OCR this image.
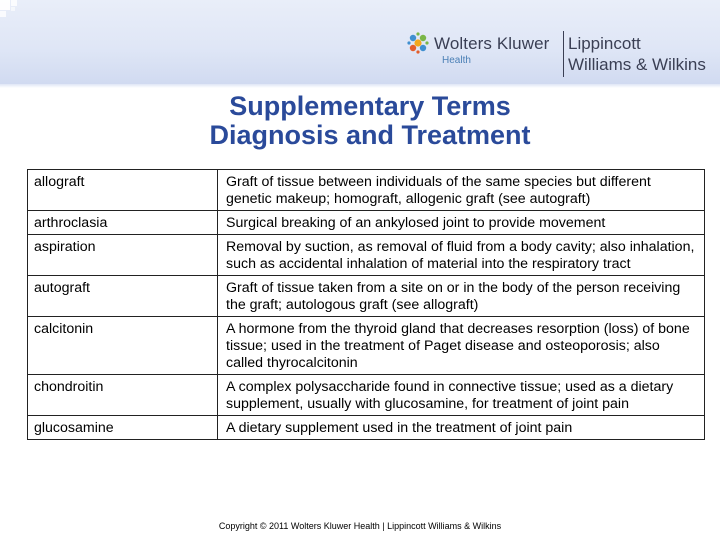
Wolters Kluwer
Health
Lippincott
Williams & Wilkins
Supplementary Terms
Diagnosis and Treatment
allograft	Graft of tissue between individuals of the same species but different genetic makeup; homograft, allogenic graft (see autograft)
arthroclasia	Surgical breaking of an ankylosed joint to provide movement
aspiration	Removal by suction, as removal of fluid from a body cavity; also inhalation, such as accidental inhalation of material into the respiratory tract
autograft	Graft of tissue taken from a site on or in the body of the person receiving the graft; autologous graft (see allograft)
calcitonin	A hormone from the thyroid gland that decreases resorption (loss) of bone tissue; used in the treatment of Paget disease and osteoporosis; also called thyrocalcitonin
chondroitin	A complex polysaccharide found in connective tissue; used as a dietary supplement, usually with glucosamine, for treatment of joint pain
glucosamine	A dietary supplement used in the treatment of joint pain
Copyright © 2011 Wolters Kluwer Health | Lippincott Williams & Wilkins
